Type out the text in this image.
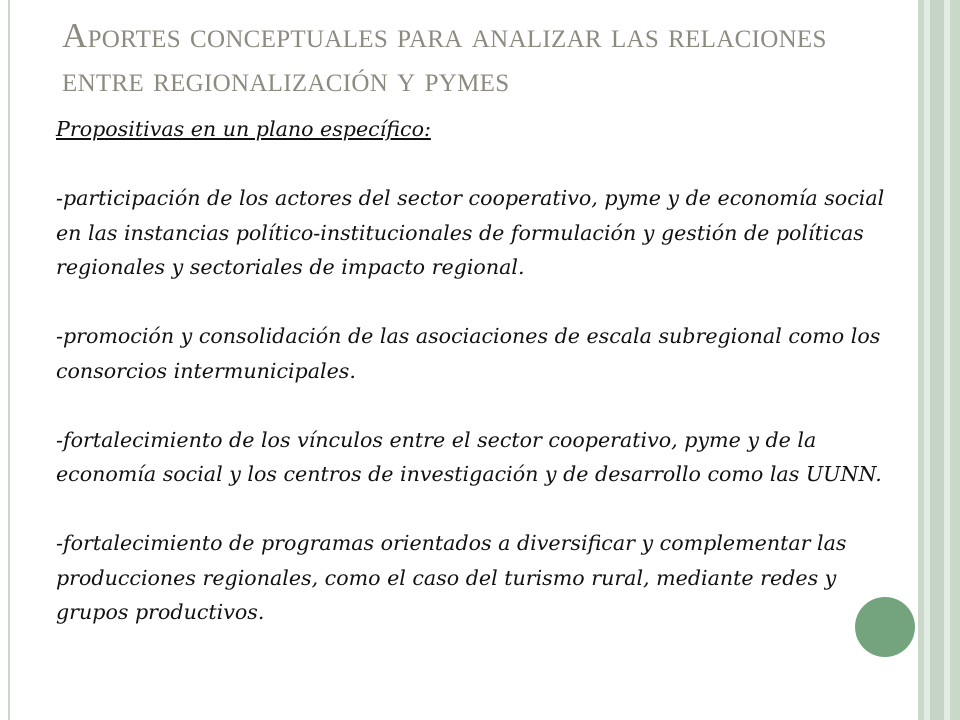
Aportes conceptuales para analizar las relaciones entre regionalización y pymes

Propositivas en un plano específico:

-participación de los actores del sector cooperativo, pyme y de economía social en las instancias político-institucionales de formulación y gestión de políticas regionales y sectoriales de impacto regional.

-promoción y consolidación de las asociaciones de escala subregional como los consorcios intermunicipales.

-fortalecimiento de los vínculos entre el sector cooperativo, pyme y de la economía social y los centros de investigación y de desarrollo como las UUNN.

-fortalecimiento de programas orientados a diversificar y complementar las producciones regionales, como el caso del turismo rural, mediante redes y grupos productivos.
